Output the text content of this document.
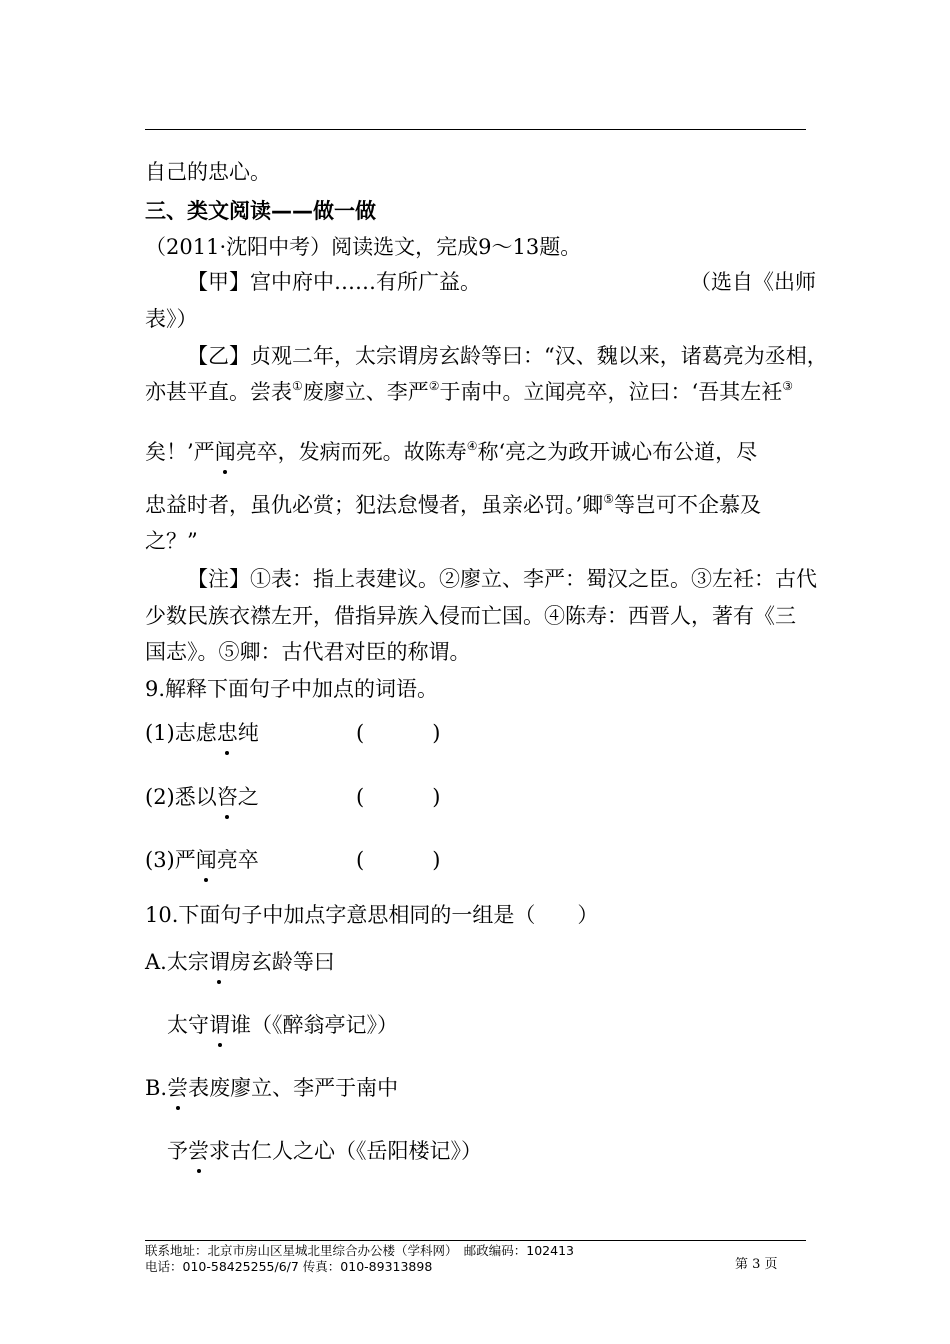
自己的忠心。
三、类文阅读——做一做
（2011·沈阳中考）阅读选文，完成9～13题。
【甲】宫中府中……有所广益。	（选自《出师
表》）
【乙】贞观二年，太宗谓房玄龄等曰：“汉、魏以来，诸葛亮为丞相，
亦甚平直。尝表①废廖立、李严②于南中。立闻亮卒，泣曰：‘吾其左衽③
矣！’严闻亮卒，发病而死。故陈寿④称‘亮之为政开诚心布公道，尽
忠益时者，虽仇必赏；犯法怠慢者，虽亲必罚。’卿⑤等岂可不企慕及
之？”
【注】①表：指上表建议。②廖立、李严：蜀汉之臣。③左衽：古代
少数民族衣襟左开，借指异族入侵而亡国。④陈寿：西晋人，著有《三
国志》。⑤卿：古代君对臣的称谓。
9.解释下面句子中加点的词语。
(1)志虑忠纯	(	)
(2)悉以咨之	(	)
(3)严闻亮卒	(	)
10.下面句子中加点字意思相同的一组是（　　）
A.太宗谓房玄龄等曰
太守谓谁（《醉翁亭记》）
B.尝表废廖立、李严于南中
予尝求古仁人之心（《岳阳楼记》）
联系地址：北京市房山区星城北里综合办公楼（学科网）　邮政编码：102413
电话：010-58425255/6/7 传真：010-89313898	第 3 页
